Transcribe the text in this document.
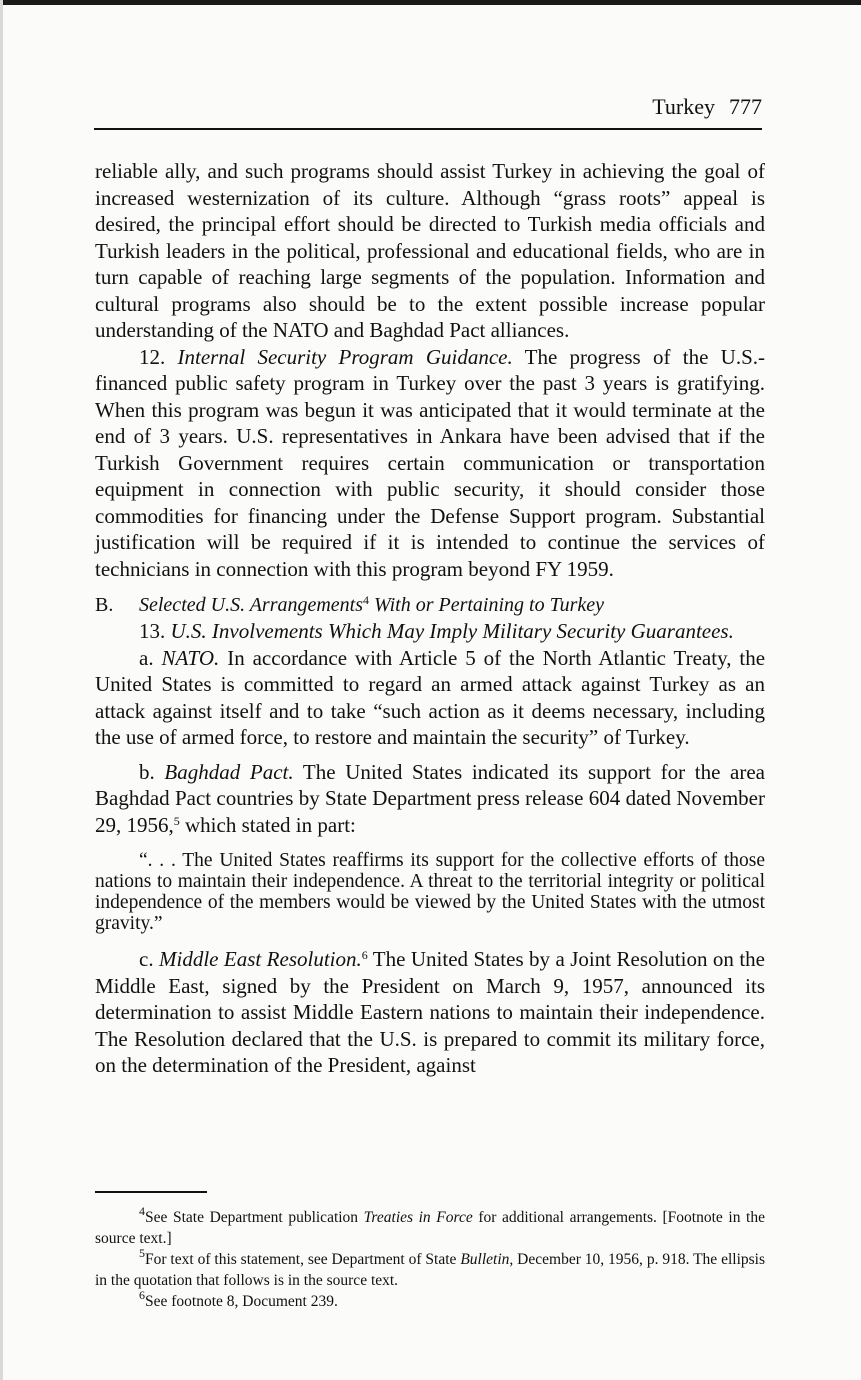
Turkey 777

reliable ally, and such programs should assist Turkey in achieving the goal of increased westernization of its culture. Although “grass roots” appeal is desired, the principal effort should be directed to Turkish media officials and Turkish leaders in the political, professional and educational fields, who are in turn capable of reaching large segments of the population. Information and cultural programs also should be to the extent possible increase popular understanding of the NATO and Baghdad Pact alliances.

12. Internal Security Program Guidance. The progress of the U.S.-financed public safety program in Turkey over the past 3 years is gratifying. When this program was begun it was anticipated that it would terminate at the end of 3 years. U.S. representatives in Ankara have been advised that if the Turkish Government requires certain communication or transportation equipment in connection with public security, it should consider those commodities for financing under the Defense Support program. Substantial justification will be required if it is intended to continue the services of technicians in connection with this program beyond FY 1959.

B.	Selected U.S. Arrangements$^4$ With or Pertaining to Turkey

13. U.S. Involvements Which May Imply Military Security Guarantees.

a. NATO. In accordance with Article 5 of the North Atlantic Treaty, the United States is committed to regard an armed attack against Turkey as an attack against itself and to take “such action as it deems necessary, including the use of armed force, to restore and maintain the security” of Turkey.

b. Baghdad Pact. The United States indicated its support for the area Baghdad Pact countries by State Department press release 604 dated November 29, 1956,$^5$ which stated in part:

“. . . The United States reaffirms its support for the collective efforts of those nations to maintain their independence. A threat to the territorial integrity or political independence of the members would be viewed by the United States with the utmost gravity.”

c. Middle East Resolution.$^6$ The United States by a Joint Resolution on the Middle East, signed by the President on March 9, 1957, announced its determination to assist Middle Eastern nations to maintain their independence. The Resolution declared that the U.S. is prepared to commit its military force, on the determination of the President, against

$^4$See State Department publication Treaties in Force for additional arrangements. [Footnote in the source text.]

$^5$For text of this statement, see Department of State Bulletin, December 10, 1956, p. 918. The ellipsis in the quotation that follows is in the source text.

$^6$See footnote 8, Document 239.
